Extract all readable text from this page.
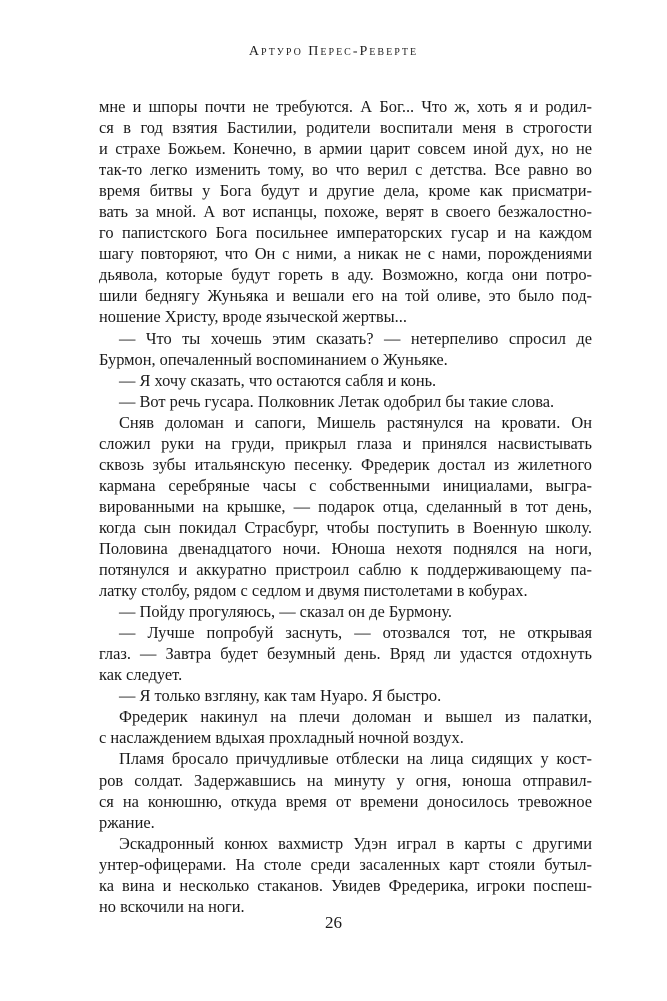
Артуро Перес-Реверте
мне и шпоры почти не требуются. А Бог... Что ж, хоть я и родил-
ся в год взятия Бастилии, родители воспитали меня в строгости
и страхе Божьем. Конечно, в армии царит совсем иной дух, но не
так-то легко изменить тому, во что верил с детства. Все равно во
время битвы у Бога будут и другие дела, кроме как присматри-
вать за мной. А вот испанцы, похоже, верят в своего безжалостно-
го папистского Бога посильнее императорских гусар и на каждом
шагу повторяют, что Он с ними, а никак не с нами, порождениями
дьявола, которые будут гореть в аду. Возможно, когда они потро-
шили беднягу Жуньяка и вешали его на той оливе, это было под-
ношение Христу, вроде языческой жертвы...
— Что ты хочешь этим сказать? — нетерпеливо спросил де
Бурмон, опечаленный воспоминанием о Жуньяке.
— Я хочу сказать, что остаются сабля и конь.
— Вот речь гусара. Полковник Летак одобрил бы такие слова.
Сняв доломан и сапоги, Мишель растянулся на кровати. Он
сложил руки на груди, прикрыл глаза и принялся насвистывать
сквозь зубы итальянскую песенку. Фредерик достал из жилетного
кармана серебряные часы с собственными инициалами, выгра-
вированными на крышке, — подарок отца, сделанный в тот день,
когда сын покидал Страсбург, чтобы поступить в Военную школу.
Половина двенадцатого ночи. Юноша нехотя поднялся на ноги,
потянулся и аккуратно пристроил саблю к поддерживающему па-
латку столбу, рядом с седлом и двумя пистолетами в кобурах.
— Пойду прогуляюсь, — сказал он де Бурмону.
— Лучше попробуй заснуть, — отозвался тот, не открывая
глаз. — Завтра будет безумный день. Вряд ли удастся отдохнуть
как следует.
— Я только взгляну, как там Нуаро. Я быстро.
Фредерик накинул на плечи доломан и вышел из палатки,
с наслаждением вдыхая прохладный ночной воздух.
Пламя бросало причудливые отблески на лица сидящих у кост-
ров солдат. Задержавшись на минуту у огня, юноша отправил-
ся на конюшню, откуда время от времени доносилось тревожное
ржание.
Эскадронный конюх вахмистр Удэн играл в карты с другими
унтер-офицерами. На столе среди засаленных карт стояли бутыл-
ка вина и несколько стаканов. Увидев Фредерика, игроки поспеш-
но вскочили на ноги.
26
